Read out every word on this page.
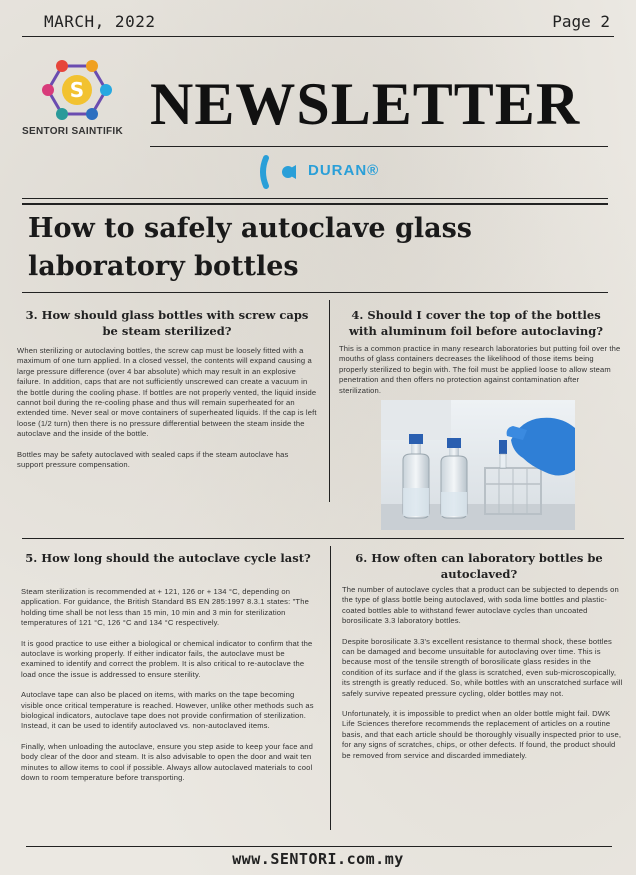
MARCH, 2022	Page 2
S
SENTORI SAINTIFIK NEWSLETTER
DURAN®
How to safely autoclave glass laboratory bottles
3. How should glass bottles with screw caps be steam sterilized?

When sterilizing or autoclaving bottles, the screw cap must be loosely fitted with a maximum of one turn applied. In a closed vessel, the contents will expand causing a large pressure difference (over 4 bar absolute) which may result in an explosive failure. In addition, caps that are not sufficiently unscrewed can create a vacuum in the bottle during the cooling phase. If bottles are not properly vented, the liquid inside cannot boil during the re-cooling phase and thus will remain superheated for an extended time. Never seal or move containers of superheated liquids. If the cap is left loose (1/2 turn) then there is no pressure differential between the steam inside the autoclave and the inside of the bottle.

Bottles may be safety autoclaved with sealed caps if the steam autoclave has support pressure compensation.

4. Should I cover the top of the bottles with aluminum foil before autoclaving?

This is a common practice in many research laboratories but putting foil over the mouths of glass containers decreases the likelihood of those items being properly sterilized to begin with. The foil must be applied loose to allow steam penetration and then offers no protection against contamination after sterilization.

5. How long should the autoclave cycle last?

Steam sterilization is recommended at + 121, 126 or + 134 °C, depending on application. For guidance, the British Standard BS EN 285:1997 8.3.1 states: "The holding time shall be not less than 15 min, 10 min and 3 min for sterilization temperatures of 121 °C, 126 °C and 134 °C respectively.

It is good practice to use either a biological or chemical indicator to confirm that the autoclave is working properly. If either indicator fails, the autoclave must be examined to identify and correct the problem. It is also critical to re-autoclave the load once the issue is addressed to ensure sterility.

Autoclave tape can also be placed on items, with marks on the tape becoming visible once critical temperature is reached. However, unlike other methods such as biological indicators, autoclave tape does not provide confirmation of sterilization. Instead, it can be used to identify autoclaved vs. non-autoclaved items.

Finally, when unloading the autoclave, ensure you step aside to keep your face and body clear of the door and steam. It is also advisable to open the door and wait ten minutes to allow items to cool if possible. Always allow autoclaved materials to cool down to room temperature before transporting.

6. How often can laboratory bottles be autoclaved?

The number of autoclave cycles that a product can be subjected to depends on the type of glass bottle being autoclaved, with soda lime bottles and plastic-coated bottles able to withstand fewer autoclave cycles than uncoated borosilicate 3.3 laboratory bottles.

Despite borosilicate 3.3's excellent resistance to thermal shock, these bottles can be damaged and become unsuitable for autoclaving over time. This is because most of the tensile strength of borosilicate glass resides in the condition of its surface and if the glass is scratched, even sub-microscopically, its strength is greatly reduced. So, while bottles with an unscratched surface will safely survive repeated pressure cycling, older bottles may not.

Unfortunately, it is impossible to predict when an older bottle might fail. DWK Life Sciences therefore recommends the replacement of articles on a routine basis, and that each article should be thoroughly visually inspected prior to use, for any signs of scratches, chips, or other defects. If found, the product should be removed from service and discarded immediately.

www.SENTORI.com.my
